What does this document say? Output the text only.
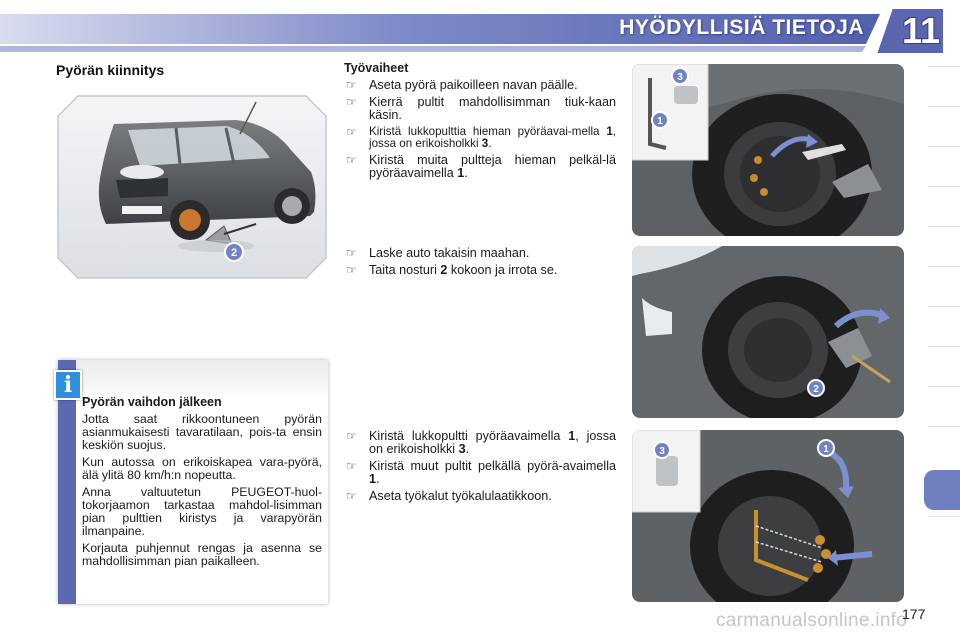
HYÖDYLLISIÄ TIETOJA 11
Pyörän kiinnitys
2
i
Pyörän vaihdon jälkeen

Jotta saat rikkoontuneen pyörän asianmukaisesti tavaratilaan, pois-ta ensin keskiön suojus.

Kun autossa on erikoiskapea vara-pyörä, älä ylitä 80 km/h:n nopeutta.

Anna valtuutetun PEUGEOT-huol-tokorjaamon tarkastaa mahdol-lisimman pian pulttien kiristys ja varapyörän ilmanpaine.

Korjauta puhjennut rengas ja asenna se mahdollisimman pian paikalleen.

Työvaiheet
☞ Aseta pyörä paikoilleen navan päälle.
☞ Kierrä pultit mahdollisimman tiuk-kaan käsin.
☞ Kiristä lukkopulttia hieman pyöräavai-mella 1, jossa on erikoisholkki 3.
☞ Kiristä muita pultteja hieman pelkäl-lä pyöräavaimella 1.
☞ Laske auto takaisin maahan.
☞ Taita nosturi 2 kokoon ja irrota se.
☞ Kiristä lukkopultti pyöräavaimella 1, jossa on erikoisholkki 3.
☞ Kiristä muut pultit pelkällä pyörä-avaimella 1.
☞ Aseta työkalut työkalulaatikkoon.
3
1
2
3	1
carmanualsonline.info
177
